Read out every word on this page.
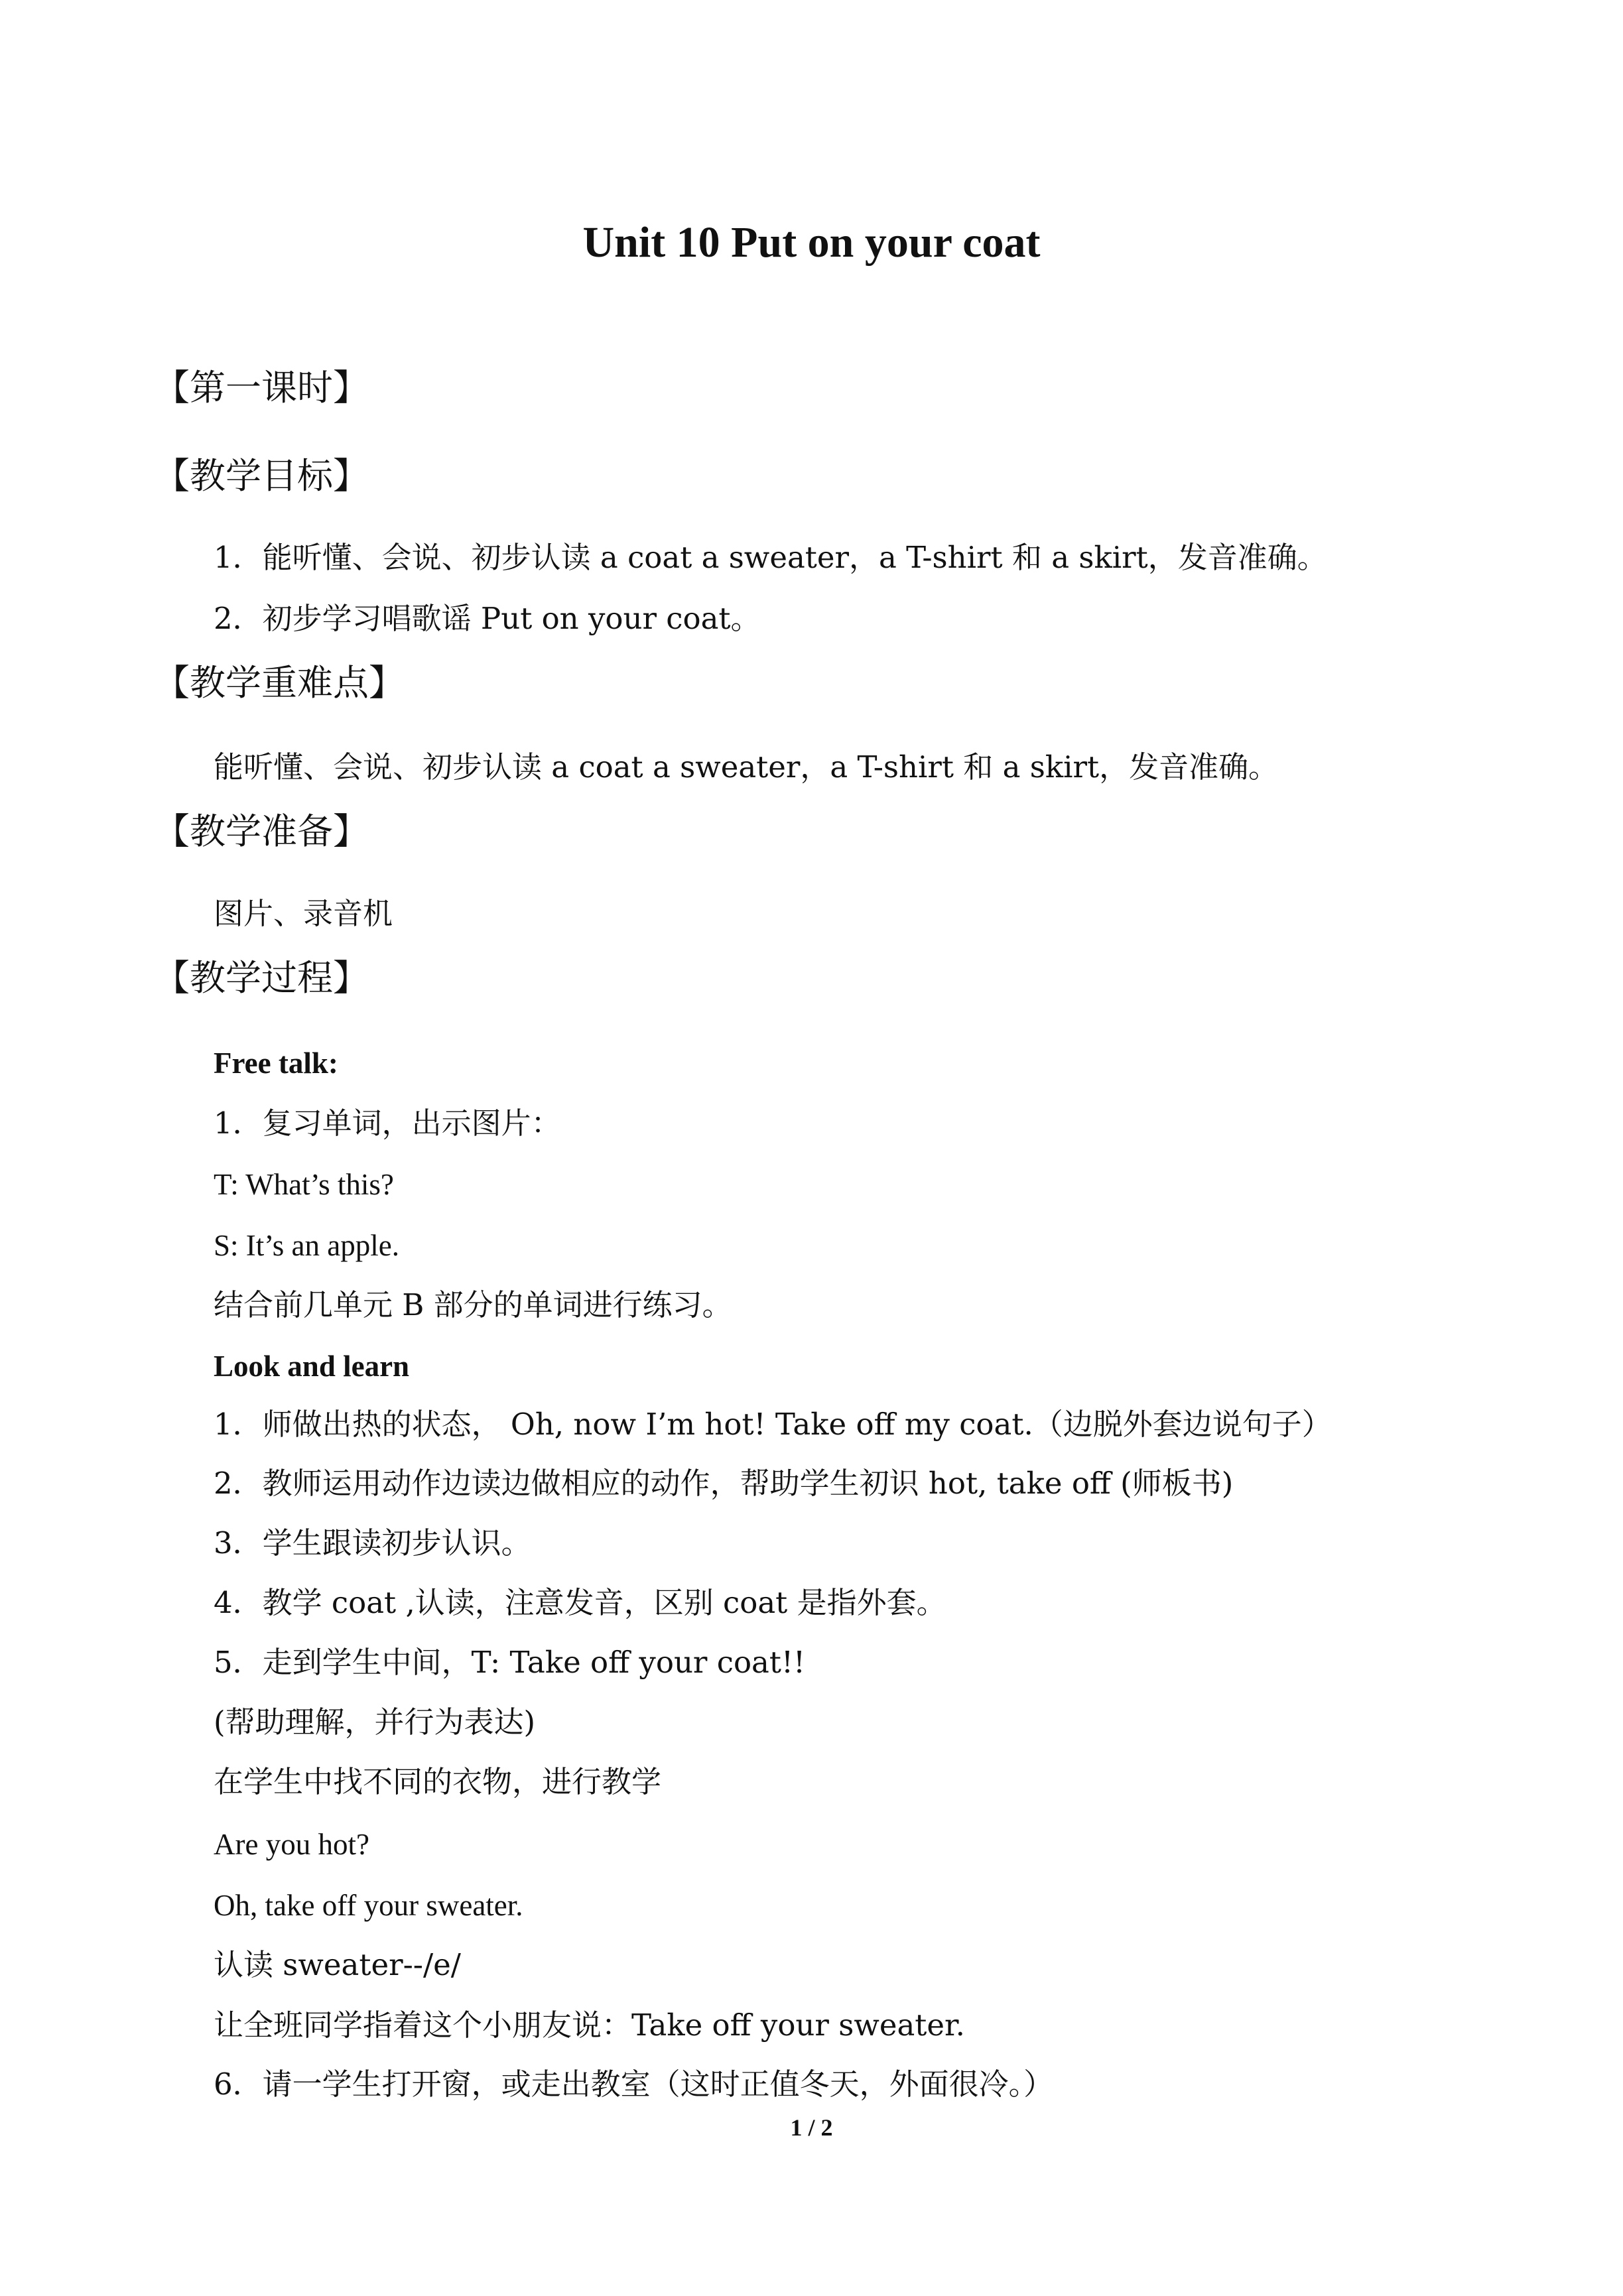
Unit 10 Put on your coat
【第一课时】
【教学目标】
1．能听懂、会说、初步认读 a coat a sweater，a T-shirt 和 a skirt，发音准确。
2．初步学习唱歌谣 Put on your coat。
【教学重难点】
能听懂、会说、初步认读 a coat a sweater，a T-shirt 和 a skirt，发音准确。
【教学准备】
图片、录音机
【教学过程】
Free talk:
1．复习单词，出示图片：
T: What’s this?
S: It’s an apple.
结合前几单元 B 部分的单词进行练习。
Look and learn
1．师做出热的状态， Oh, now I’m hot! Take off my coat.（边脱外套边说句子）
2．教师运用动作边读边做相应的动作，帮助学生初识 hot, take off (师板书)
3．学生跟读初步认识。
4．教学 coat ,认读，注意发音，区别 coat 是指外套。
5．走到学生中间，T: Take off your coat!!
(帮助理解，并行为表达)
在学生中找不同的衣物，进行教学
Are you hot?
Oh, take off your sweater.
认读 sweater--/e/
让全班同学指着这个小朋友说：Take off your sweater.
6．请一学生打开窗，或走出教室（这时正值冬天，外面很冷。）
1 / 2
